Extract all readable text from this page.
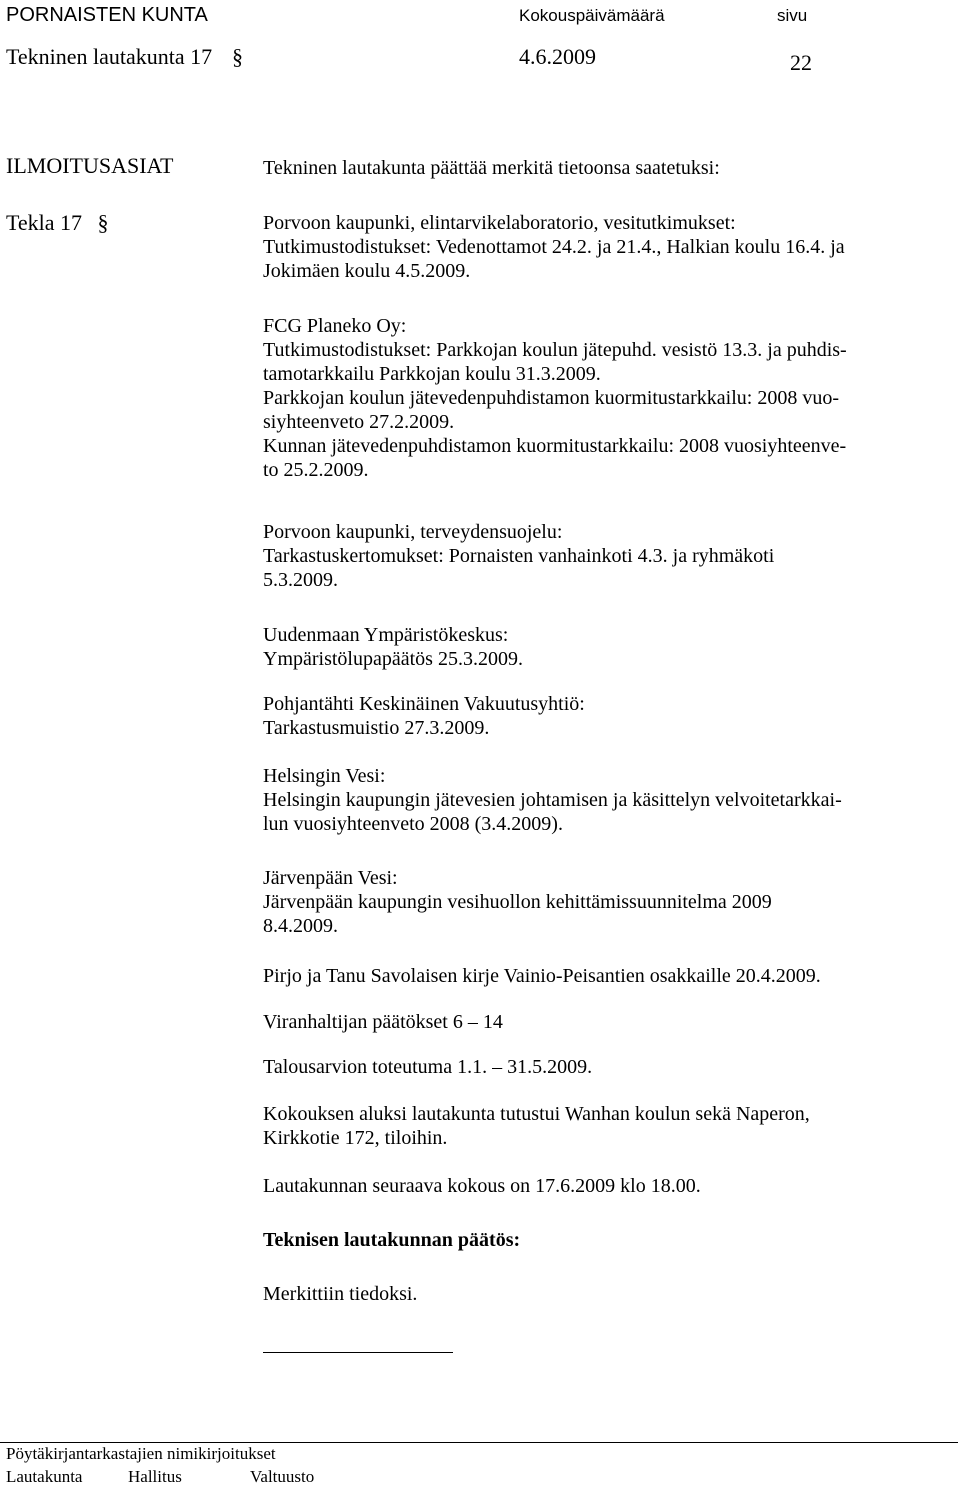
PORNAISTEN KUNTA	Kokouspäivämäärä	sivu
Tekninen lautakunta 17 §	4.6.2009	22
ILMOITUSASIAT
Tekla 17 §
Tekninen lautakunta päättää merkitä tietoonsa saatetuksi:
Porvoon kaupunki, elintarvikelaboratorio, vesitutkimukset:
Tutkimustodistukset: Vedenottamot 24.2. ja 21.4., Halkian koulu 16.4. ja
Jokimäen koulu 4.5.2009.
FCG Planeko Oy:
Tutkimustodistukset: Parkkojan koulun jätepuhd. vesistö 13.3. ja puhdis-
tamotarkkailu Parkkojan koulu 31.3.2009.
Parkkojan koulun jätevedenpuhdistamon kuormitustarkkailu: 2008 vuo-
siyhteenveto 27.2.2009.
Kunnan jätevedenpuhdistamon kuormitustarkkailu: 2008 vuosiyhteenve-
to 25.2.2009.
Porvoon kaupunki, terveydensuojelu:
Tarkastuskertomukset: Pornaisten vanhainkoti 4.3. ja ryhmäkoti
5.3.2009.
Uudenmaan Ympäristökeskus:
Ympäristölupapäätös 25.3.2009.
Pohjantähti Keskinäinen Vakuutusyhtiö:
Tarkastusmuistio 27.3.2009.
Helsingin Vesi:
Helsingin kaupungin jätevesien johtamisen ja käsittelyn velvoitetarkkai-
lun vuosiyhteenveto 2008 (3.4.2009).
Järvenpään Vesi:
Järvenpään kaupungin vesihuollon kehittämissuunnitelma 2009
8.4.2009.
Pirjo ja Tanu Savolaisen kirje Vainio-Peisantien osakkaille 20.4.2009.
Viranhaltijan päätökset 6 – 14
Talousarvion toteutuma 1.1. – 31.5.2009.
Kokouksen aluksi lautakunta tutustui Wanhan koulun sekä Naperon,
Kirkkotie 172, tiloihin.
Lautakunnan seuraava kokous on 17.6.2009 klo 18.00.
Teknisen lautakunnan päätös:
Merkittiin tiedoksi.
Pöytäkirjantarkastajien nimikirjoitukset
Lautakunta	Hallitus	Valtuusto
